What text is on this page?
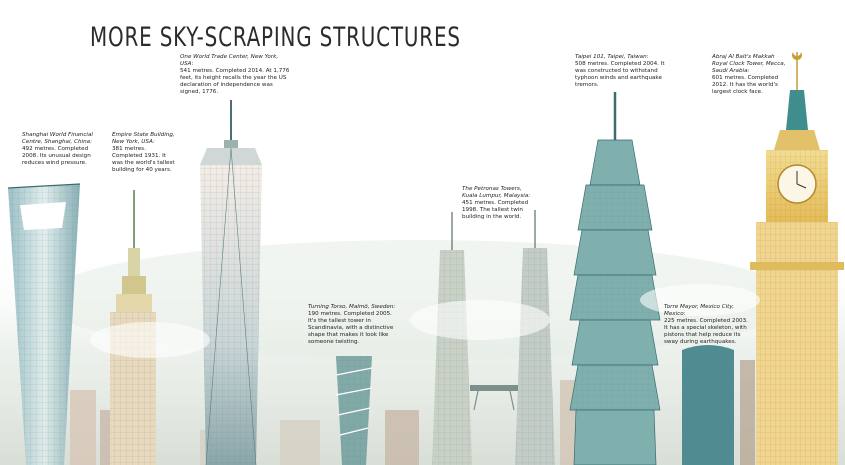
MORE SKY-SCRAPING STRUCTURES
Shanghai World Financial Centre, Shanghai, China:
492 metres. Completed 2008. Its unusual design reduces wind pressure.
Empire State Building, New York, USA:
381 metres. Completed 1931. It was the world's tallest building for 40 years.
One World Trade Center, New York, USA:
541 metres. Completed 2014. At 1,776 feet, its height recalls the year the US declaration of independence was signed, 1776.
Turning Torso, Malmö, Sweden:
190 metres. Completed 2005. It's the tallest tower in Scandinavia, with a distinctive shape that makes it look like someone twisting.
The Petronas Towers, Kuala Lumpur, Malaysia:
451 metres. Completed 1998. The tallest twin building in the world.
Taipei 101, Taipei, Taiwan:
508 metres. Completed 2004. It was constructed to withstand typhoon winds and earthquake tremors.
Torre Mayor, Mexico City, Mexico:
225 metres. Completed 2003. It has a special skeleton, with pistons that help reduce its sway during earthquakes.
Abraj Al Bait's Makkah Royal Clock Tower, Mecca, Saudi Arabia:
601 metres. Completed 2012. It has the world's largest clock face.
